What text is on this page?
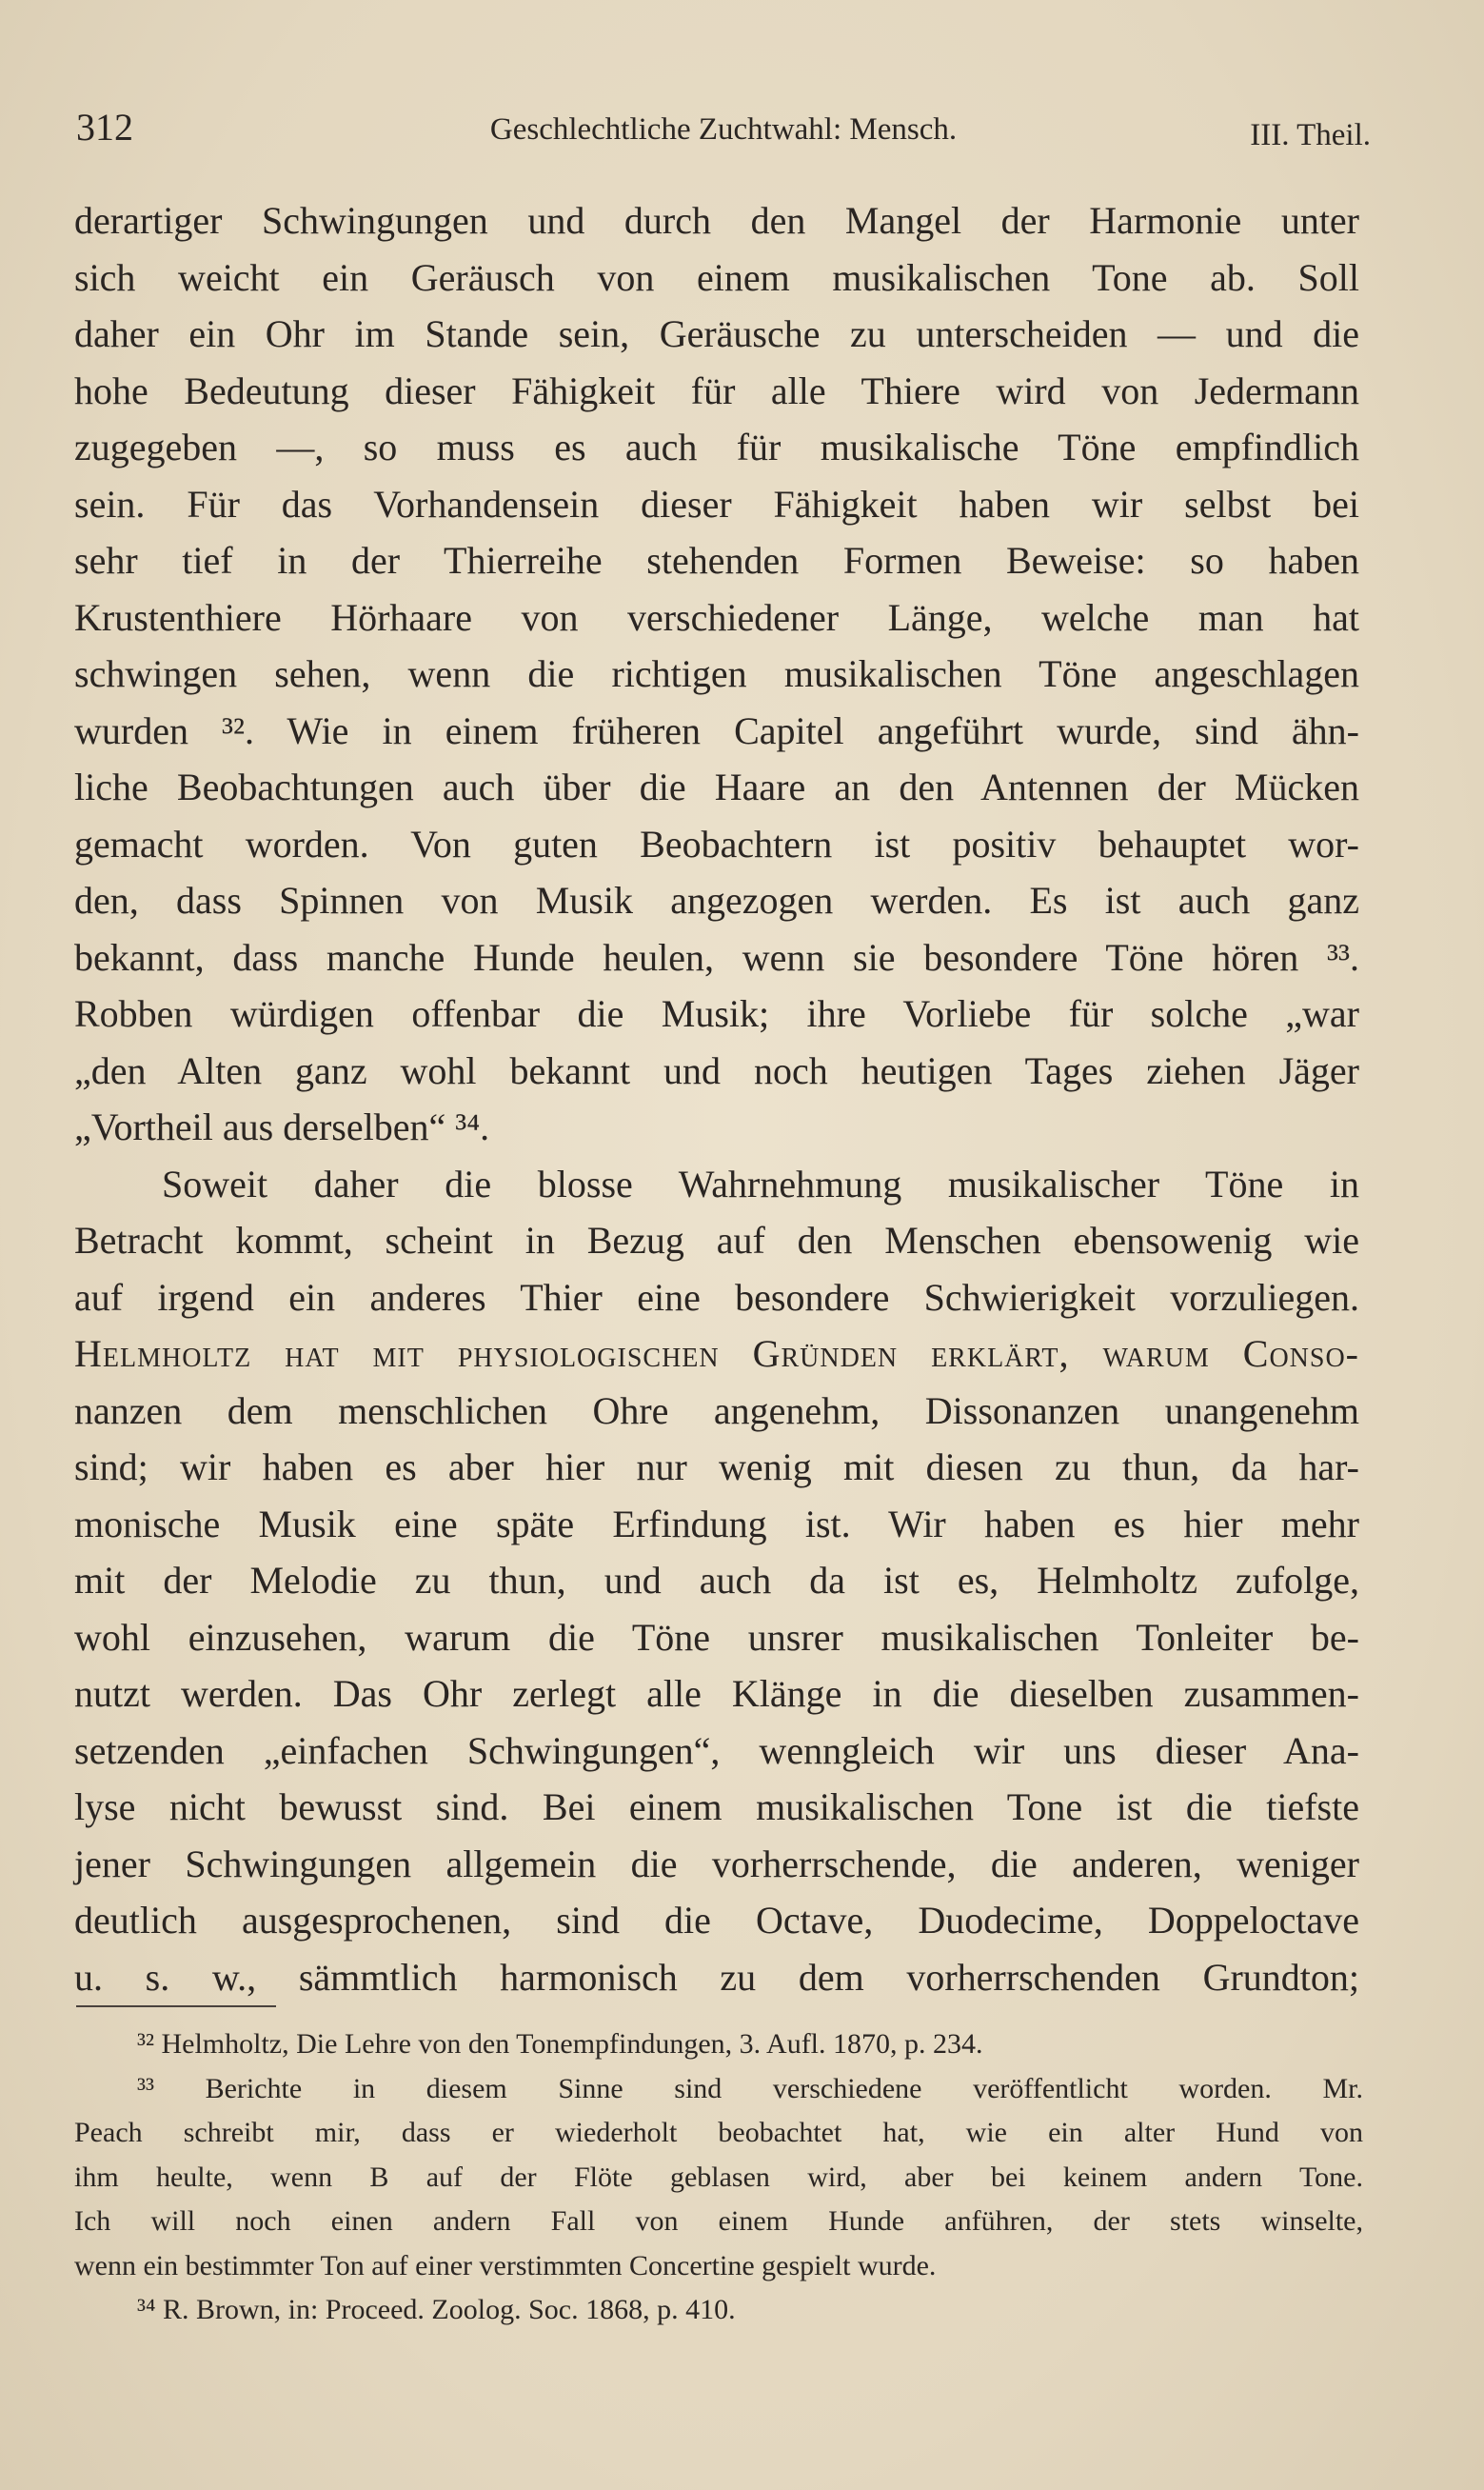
312	Geschlechtliche Zuchtwahl: Mensch.	III. Theil.
derartiger Schwingungen und durch den Mangel der Harmonie unter
sich weicht ein Geräusch von einem musikalischen Tone ab. Soll
daher ein Ohr im Stande sein, Geräusche zu unterscheiden — und die
hohe Bedeutung dieser Fähigkeit für alle Thiere wird von Jedermann
zugegeben —, so muss es auch für musikalische Töne empfindlich
sein. Für das Vorhandensein dieser Fähigkeit haben wir selbst bei
sehr tief in der Thierreihe stehenden Formen Beweise: so haben
Krustenthiere Hörhaare von verschiedener Länge, welche man hat
schwingen sehen, wenn die richtigen musikalischen Töne angeschlagen
wurden ³². Wie in einem früheren Capitel angeführt wurde, sind ähn-
liche Beobachtungen auch über die Haare an den Antennen der Mücken
gemacht worden. Von guten Beobachtern ist positiv behauptet wor-
den, dass Spinnen von Musik angezogen werden. Es ist auch ganz
bekannt, dass manche Hunde heulen, wenn sie besondere Töne hören ³³.
Robben würdigen offenbar die Musik; ihre Vorliebe für solche „war
„den Alten ganz wohl bekannt und noch heutigen Tages ziehen Jäger
„Vortheil aus derselben“ ³⁴.
Soweit daher die blosse Wahrnehmung musikalischer Töne in
Betracht kommt, scheint in Bezug auf den Menschen ebensowenig wie
auf irgend ein anderes Thier eine besondere Schwierigkeit vorzuliegen.
Helmholtz hat mit physiologischen Gründen erklärt, warum Conso-
nanzen dem menschlichen Ohre angenehm, Dissonanzen unangenehm
sind; wir haben es aber hier nur wenig mit diesen zu thun, da har-
monische Musik eine späte Erfindung ist. Wir haben es hier mehr
mit der Melodie zu thun, und auch da ist es, Helmholtz zufolge,
wohl einzusehen, warum die Töne unsrer musikalischen Tonleiter be-
nutzt werden. Das Ohr zerlegt alle Klänge in die dieselben zusammen-
setzenden „einfachen Schwingungen“, wenngleich wir uns dieser Ana-
lyse nicht bewusst sind. Bei einem musikalischen Tone ist die tiefste
jener Schwingungen allgemein die vorherrschende, die anderen, weniger
deutlich ausgesprochenen, sind die Octave, Duodecime, Doppeloctave
u. s. w., sämmtlich harmonisch zu dem vorherrschenden Grundton;
³² Helmholtz, Die Lehre von den Tonempfindungen, 3. Aufl. 1870, p. 234.
³³ Berichte in diesem Sinne sind verschiedene veröffentlicht worden. Mr.
Peach schreibt mir, dass er wiederholt beobachtet hat, wie ein alter Hund von
ihm heulte, wenn B auf der Flöte geblasen wird, aber bei keinem andern Tone.
Ich will noch einen andern Fall von einem Hunde anführen, der stets winselte,
wenn ein bestimmter Ton auf einer verstimmten Concertine gespielt wurde.
³⁴ R. Brown, in: Proceed. Zoolog. Soc. 1868, p. 410.
